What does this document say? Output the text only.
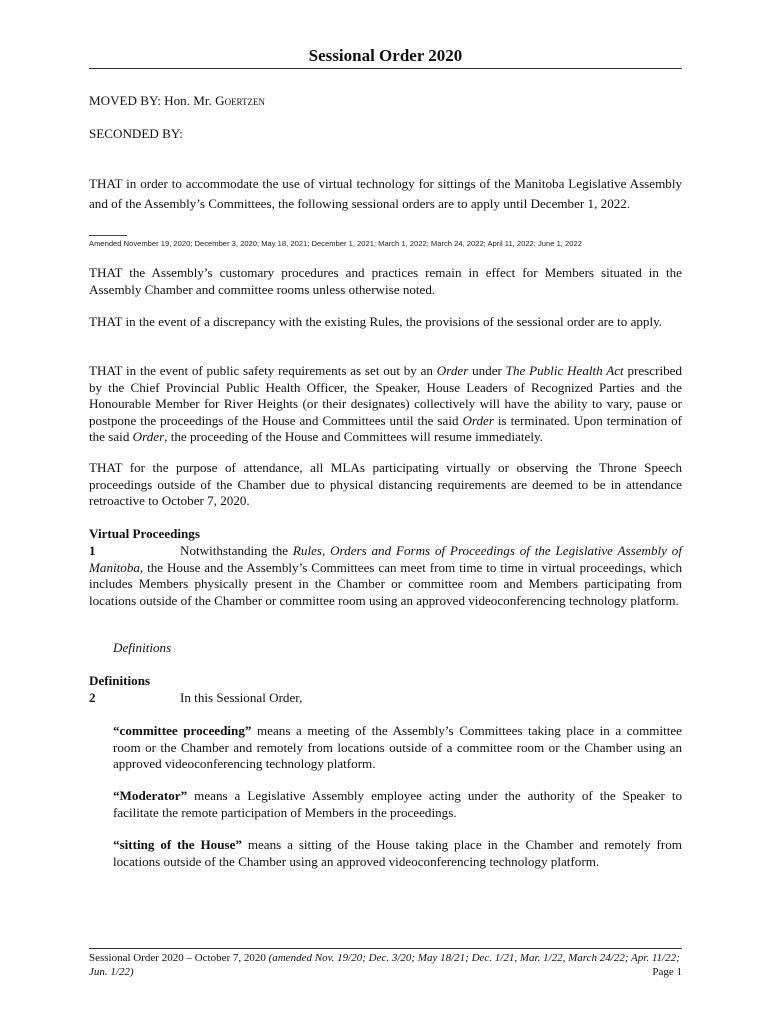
Sessional Order 2020
MOVED BY: Hon. Mr. Goertzen
SECONDED BY:
THAT in order to accommodate the use of virtual technology for sittings of the Manitoba Legislative Assembly and of the Assembly’s Committees, the following sessional orders are to apply until December 1, 2022.
Amended November 19, 2020; December 3, 2020; May 18, 2021; December 1, 2021; March 1, 2022; March 24, 2022; April 11, 2022; June 1, 2022
THAT the Assembly’s customary procedures and practices remain in effect for Members situated in the Assembly Chamber and committee rooms unless otherwise noted.
THAT in the event of a discrepancy with the existing Rules, the provisions of the sessional order are to apply.
THAT in the event of public safety requirements as set out by an Order under The Public Health Act prescribed by the Chief Provincial Public Health Officer, the Speaker, House Leaders of Recognized Parties and the Honourable Member for River Heights (or their designates) collectively will have the ability to vary, pause or postpone the proceedings of the House and Committees until the said Order is terminated. Upon termination of the said Order, the proceeding of the House and Committees will resume immediately.
THAT for the purpose of attendance, all MLAs participating virtually or observing the Throne Speech proceedings outside of the Chamber due to physical distancing requirements are deemed to be in attendance retroactive to October 7, 2020.
Virtual Proceedings
1	Notwithstanding the Rules, Orders and Forms of Proceedings of the Legislative Assembly of Manitoba, the House and the Assembly’s Committees can meet from time to time in virtual proceedings, which includes Members physically present in the Chamber or committee room and Members participating from locations outside of the Chamber or committee room using an approved videoconferencing technology platform.
Definitions
Definitions
2	In this Sessional Order,
“committee proceeding” means a meeting of the Assembly’s Committees taking place in a committee room or the Chamber and remotely from locations outside of a committee room or the Chamber using an approved videoconferencing technology platform.
“Moderator” means a Legislative Assembly employee acting under the authority of the Speaker to facilitate the remote participation of Members in the proceedings.
“sitting of the House” means a sitting of the House taking place in the Chamber and remotely from locations outside of the Chamber using an approved videoconferencing technology platform.
Sessional Order 2020 – October 7, 2020 (amended Nov. 19/20; Dec. 3/20; May 18/21; Dec. 1/21, Mar. 1/22, March 24/22; Apr. 11/22; Jun. 1/22)	Page 1
